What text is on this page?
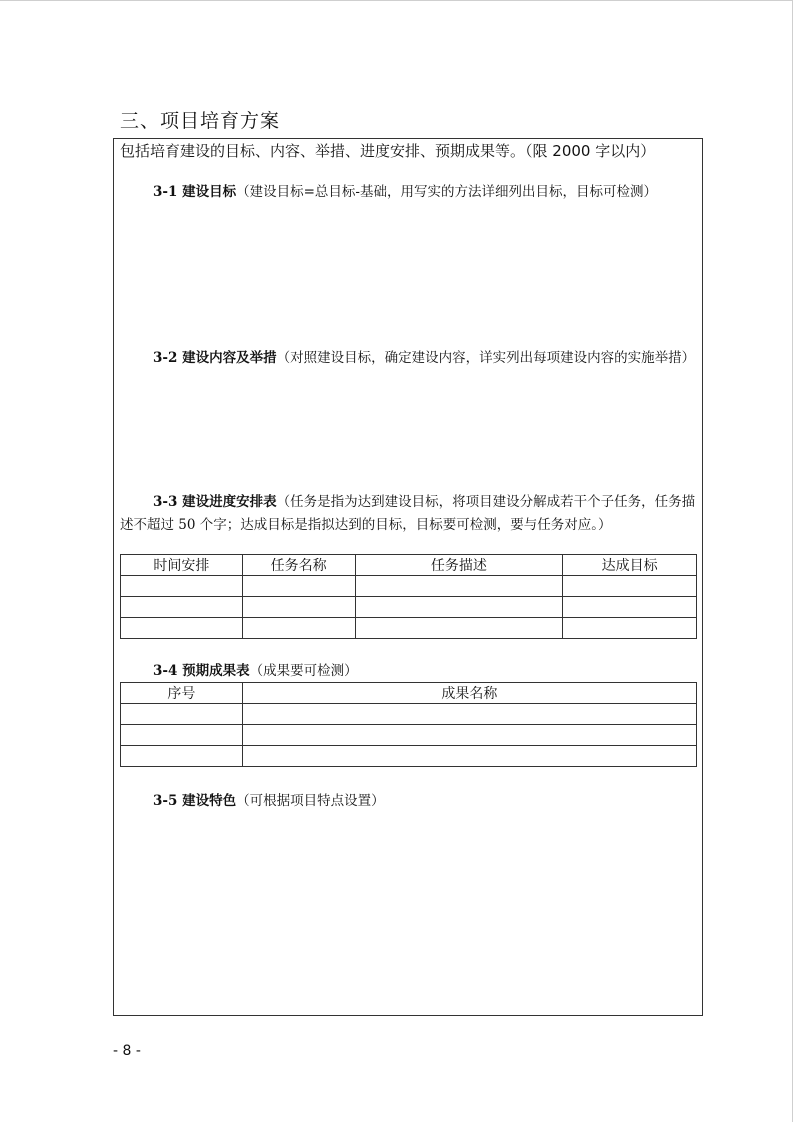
三、项目培育方案
包括培育建设的目标、内容、举措、进度安排、预期成果等。（限 2000 字以内）
3-1 建设目标（建设目标=总目标-基础，用写实的方法详细列出目标，目标可检测）
3-2 建设内容及举措（对照建设目标，确定建设内容，详实列出每项建设内容的实施举措）
3-3 建设进度安排表（任务是指为达到建设目标，将项目建设分解成若干个子任务，任务描述不超过 50 个字；达成目标是指拟达到的目标，目标要可检测，要与任务对应。）
时间安排	任务名称	任务描述	达成目标

3-4 预期成果表（成果要可检测）
序号	成果名称

3-5 建设特色（可根据项目特点设置）
- 8 -
